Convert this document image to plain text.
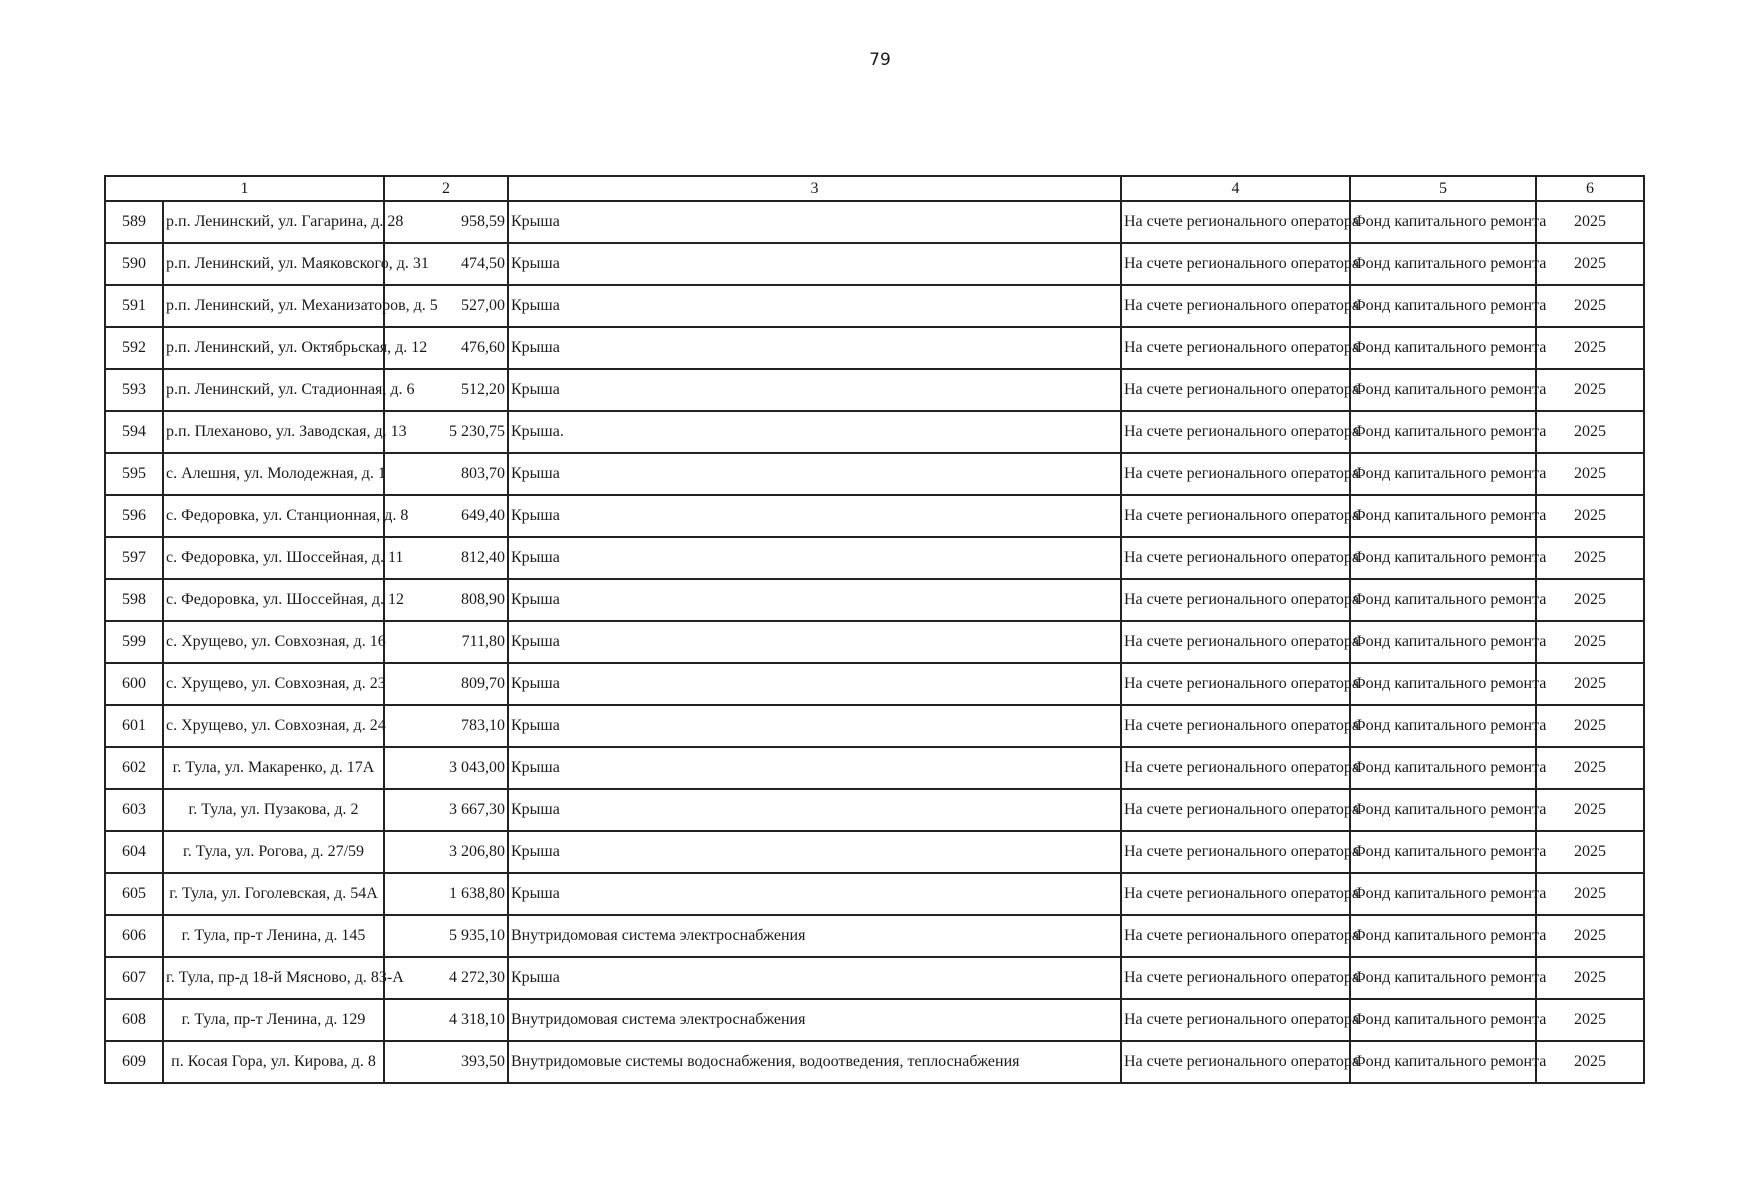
79
1		2	3	4	5	6
589	р.п. Ленинский, ул. Гагарина, д. 28	958,59	Крыша	На счете регионального оператора	Фонд капитального ремонта	2025
590	р.п. Ленинский, ул. Маяковского, д. 31	474,50	Крыша	На счете регионального оператора	Фонд капитального ремонта	2025
591	р.п. Ленинский, ул. Механизаторов, д. 5	527,00	Крыша	На счете регионального оператора	Фонд капитального ремонта	2025
592	р.п. Ленинский, ул. Октябрьская, д. 12	476,60	Крыша	На счете регионального оператора	Фонд капитального ремонта	2025
593	р.п. Ленинский, ул. Стадионная, д. 6	512,20	Крыша	На счете регионального оператора	Фонд капитального ремонта	2025
594	р.п. Плеханово, ул. Заводская, д. 13	5 230,75	Крыша.	На счете регионального оператора	Фонд капитального ремонта	2025
595	с. Алешня, ул. Молодежная, д. 1	803,70	Крыша	На счете регионального оператора	Фонд капитального ремонта	2025
596	с. Федоровка, ул. Станционная, д. 8	649,40	Крыша	На счете регионального оператора	Фонд капитального ремонта	2025
597	с. Федоровка, ул. Шоссейная, д. 11	812,40	Крыша	На счете регионального оператора	Фонд капитального ремонта	2025
598	с. Федоровка, ул. Шоссейная, д. 12	808,90	Крыша	На счете регионального оператора	Фонд капитального ремонта	2025
599	с. Хрущево, ул. Совхозная, д. 16	711,80	Крыша	На счете регионального оператора	Фонд капитального ремонта	2025
600	с. Хрущево, ул. Совхозная, д. 23	809,70	Крыша	На счете регионального оператора	Фонд капитального ремонта	2025
601	с. Хрущево, ул. Совхозная, д. 24	783,10	Крыша	На счете регионального оператора	Фонд капитального ремонта	2025
602	г. Тула, ул. Макаренко, д. 17А	3 043,00	Крыша	На счете регионального оператора	Фонд капитального ремонта	2025
603	г. Тула, ул. Пузакова, д. 2	3 667,30	Крыша	На счете регионального оператора	Фонд капитального ремонта	2025
604	г. Тула, ул. Рогова, д. 27/59	3 206,80	Крыша	На счете регионального оператора	Фонд капитального ремонта	2025
605	г. Тула, ул. Гоголевская, д. 54А	1 638,80	Крыша	На счете регионального оператора	Фонд капитального ремонта	2025
606	г. Тула, пр-т Ленина, д. 145	5 935,10	Внутридомовая система электроснабжения	На счете регионального оператора	Фонд капитального ремонта	2025
607	г. Тула, пр-д 18-й Мясново, д. 83-А	4 272,30	Крыша	На счете регионального оператора	Фонд капитального ремонта	2025
608	г. Тула, пр-т Ленина, д. 129	4 318,10	Внутридомовая система электроснабжения	На счете регионального оператора	Фонд капитального ремонта	2025
609	п. Косая Гора, ул. Кирова, д. 8	393,50	Внутридомовые системы водоснабжения, водоотведения, теплоснабжения	На счете регионального оператора	Фонд капитального ремонта	2025
